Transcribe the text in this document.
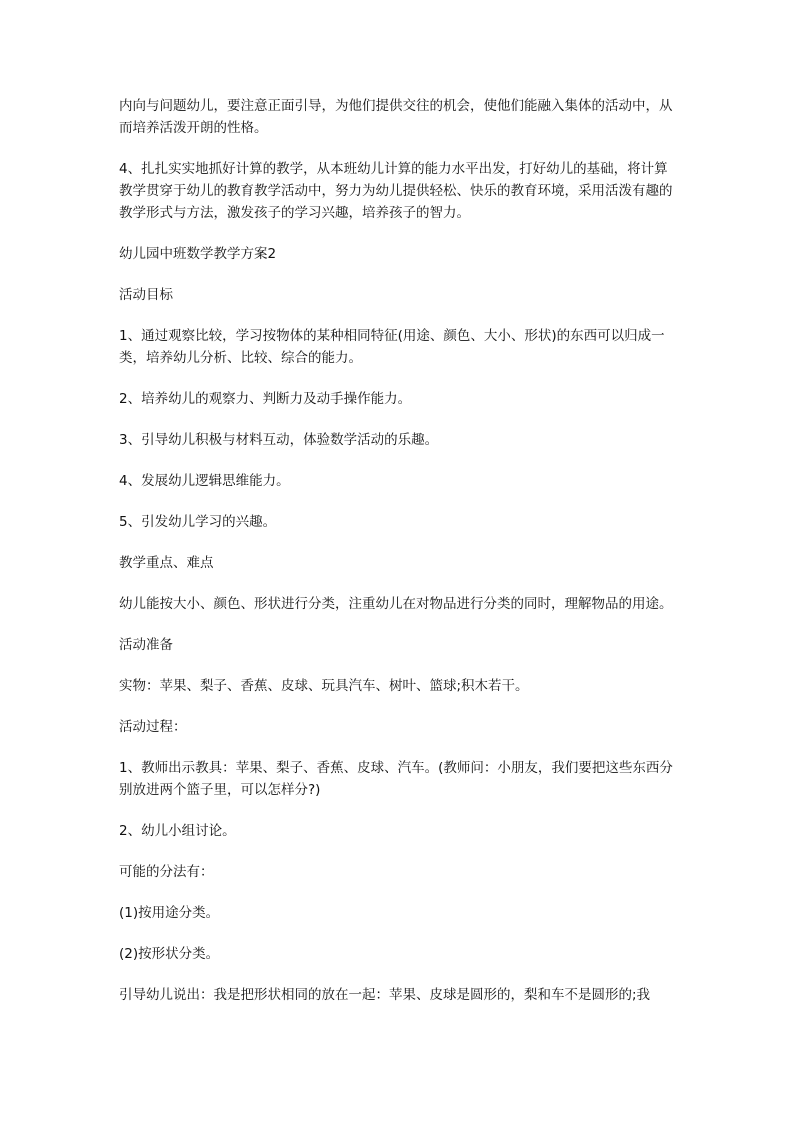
内向与问题幼儿，要注意正面引导，为他们提供交往的机会，使他们能融入集体的活动中，从而培养活泼开朗的性格。

4、扎扎实实地抓好计算的教学，从本班幼儿计算的能力水平出发，打好幼儿的基础，将计算教学贯穿于幼儿的教育教学活动中，努力为幼儿提供轻松、快乐的教育环境，采用活泼有趣的教学形式与方法，激发孩子的学习兴趣，培养孩子的智力。

幼儿园中班数学教学方案2

活动目标

1、通过观察比较，学习按物体的某种相同特征(用途、颜色、大小、形状)的东西可以归成一类，培养幼儿分析、比较、综合的能力。

2、培养幼儿的观察力、判断力及动手操作能力。

3、引导幼儿积极与材料互动，体验数学活动的乐趣。

4、发展幼儿逻辑思维能力。

5、引发幼儿学习的兴趣。

教学重点、难点

幼儿能按大小、颜色、形状进行分类，注重幼儿在对物品进行分类的同时，理解物品的用途。

活动准备

实物：苹果、梨子、香蕉、皮球、玩具汽车、树叶、篮球;积木若干。

活动过程：

1、教师出示教具：苹果、梨子、香蕉、皮球、汽车。(教师问：小朋友，我们要把这些东西分别放进两个篮子里，可以怎样分?)

2、幼儿小组讨论。

可能的分法有：

(1)按用途分类。

(2)按形状分类。

引导幼儿说出：我是把形状相同的放在一起：苹果、皮球是圆形的，梨和车不是圆形的;我
